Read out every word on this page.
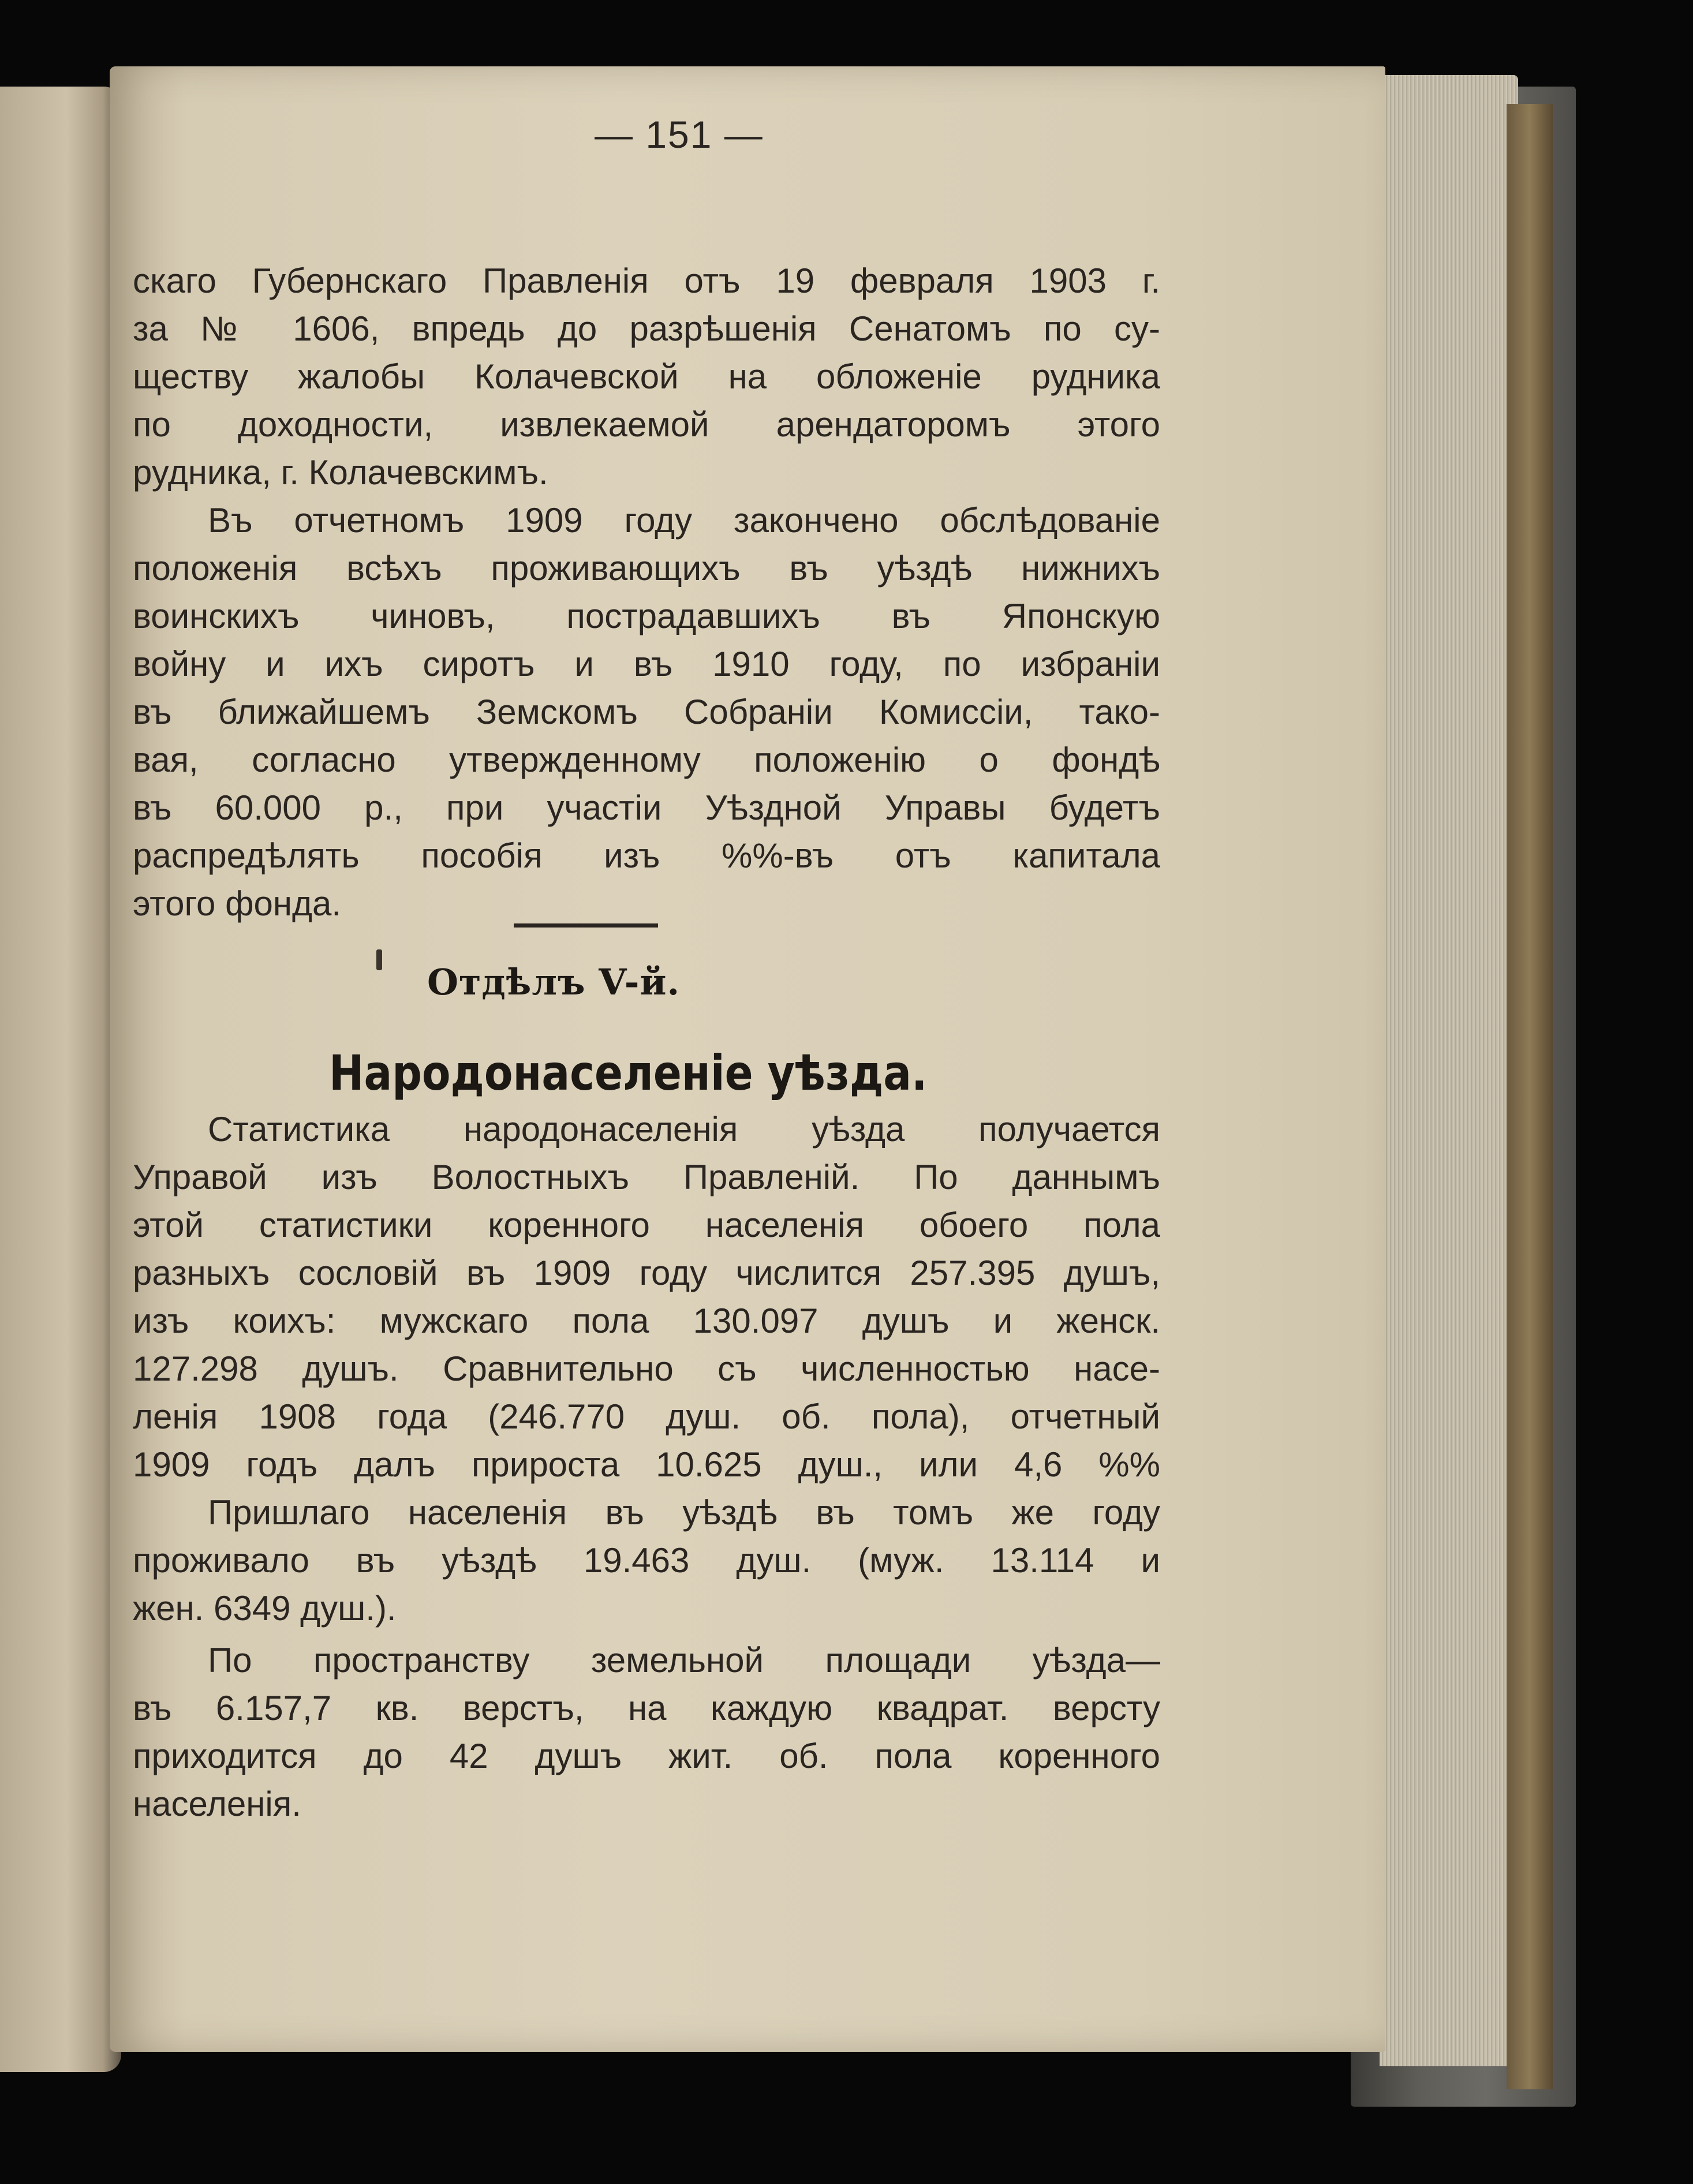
— 151 —
скаго Губернскаго Правленія отъ 19 февраля 1903 г.
за № 1606, впредь до разрѣшенія Сенатомъ по су-
ществу жалобы Колачевской на обложеніе рудника
по доходности, извлекаемой арендаторомъ этого
рудника, г. Колачевскимъ.
Въ отчетномъ 1909 году закончено обслѣдованіе
положенія всѣхъ проживающихъ въ уѣздѣ нижнихъ
воинскихъ чиновъ, пострадавшихъ въ Японскую
войну и ихъ сиротъ и въ 1910 году, по избраніи
въ ближайшемъ Земскомъ Собраніи Комиссіи, тако-
вая, согласно утвержденному положенію о фондѣ
въ 60.000 р., при участіи Уѣздной Управы будетъ
распредѣлять пособія изъ %%-въ отъ капитала
этого фонда.
Отдѣлъ V-й.
Народонаселеніе уѣзда.
Статистика народонаселенія уѣзда получается
Управой изъ Волостныхъ Правленій. По даннымъ
этой статистики коренного населенія обоего пола
разныхъ сословій въ 1909 году числится 257.395 душъ,
изъ коихъ: мужскаго пола 130.097 душъ и женск.
127.298 душъ. Сравнительно съ численностью насе-
ленія 1908 года (246.770 душ. об. пола), отчетный
1909 годъ далъ прироста 10.625 душ., или 4,6 %%
Пришлаго населенія въ уѣздѣ въ томъ же году
проживало въ уѣздѣ 19.463 душ. (муж. 13.114 и
жен. 6349 душ.).
По пространству земельной площади уѣзда—
въ 6.157,7 кв. верстъ, на каждую квадрат. версту
приходится до 42 душъ жит. об. пола коренного
населенія.
